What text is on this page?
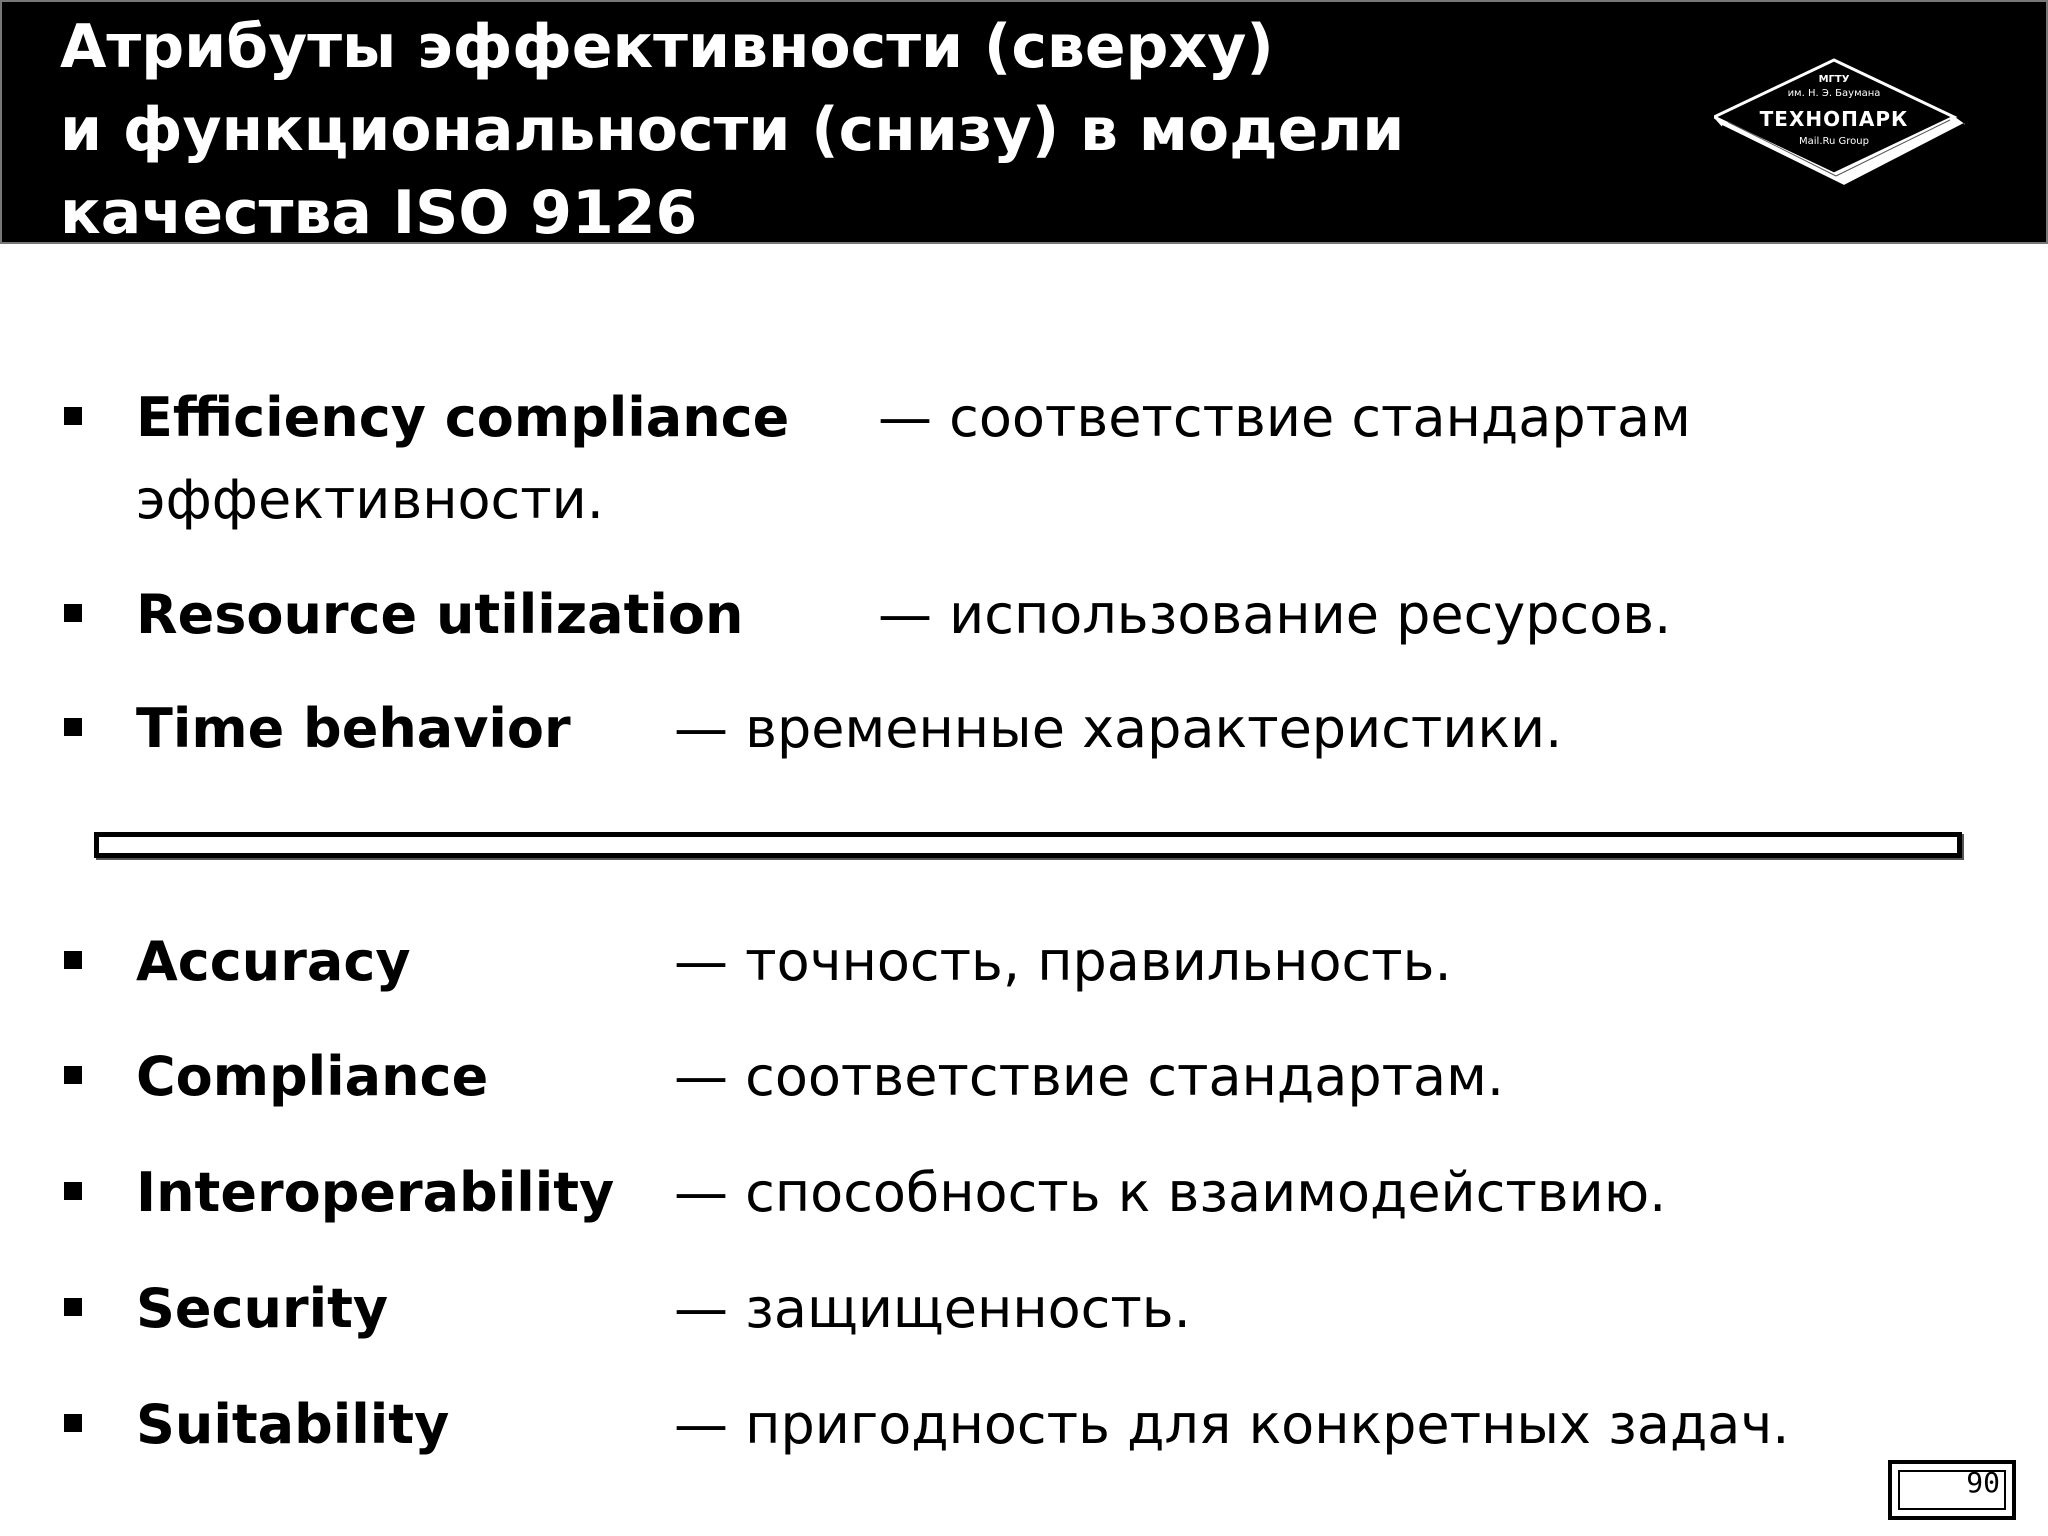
Атрибуты эффективности (сверху)
и функциональности (снизу) в модели
качества ISO 9126
МГТУ
им. Н. Э. Баумана
ТЕХНОПАРК
Mail.Ru Group
Efficiency compliance — соответствие стандартам
эффективности.
Resource utilization — использование ресурсов.
Time behavior — временные характеристики.
Accuracy	— точность, правильность.
Compliance	— соответствие стандартам.
Interoperability — способность к взаимодействию.
Security	— защищенность.
Suitability	— пригодность для конкретных задач.
90
